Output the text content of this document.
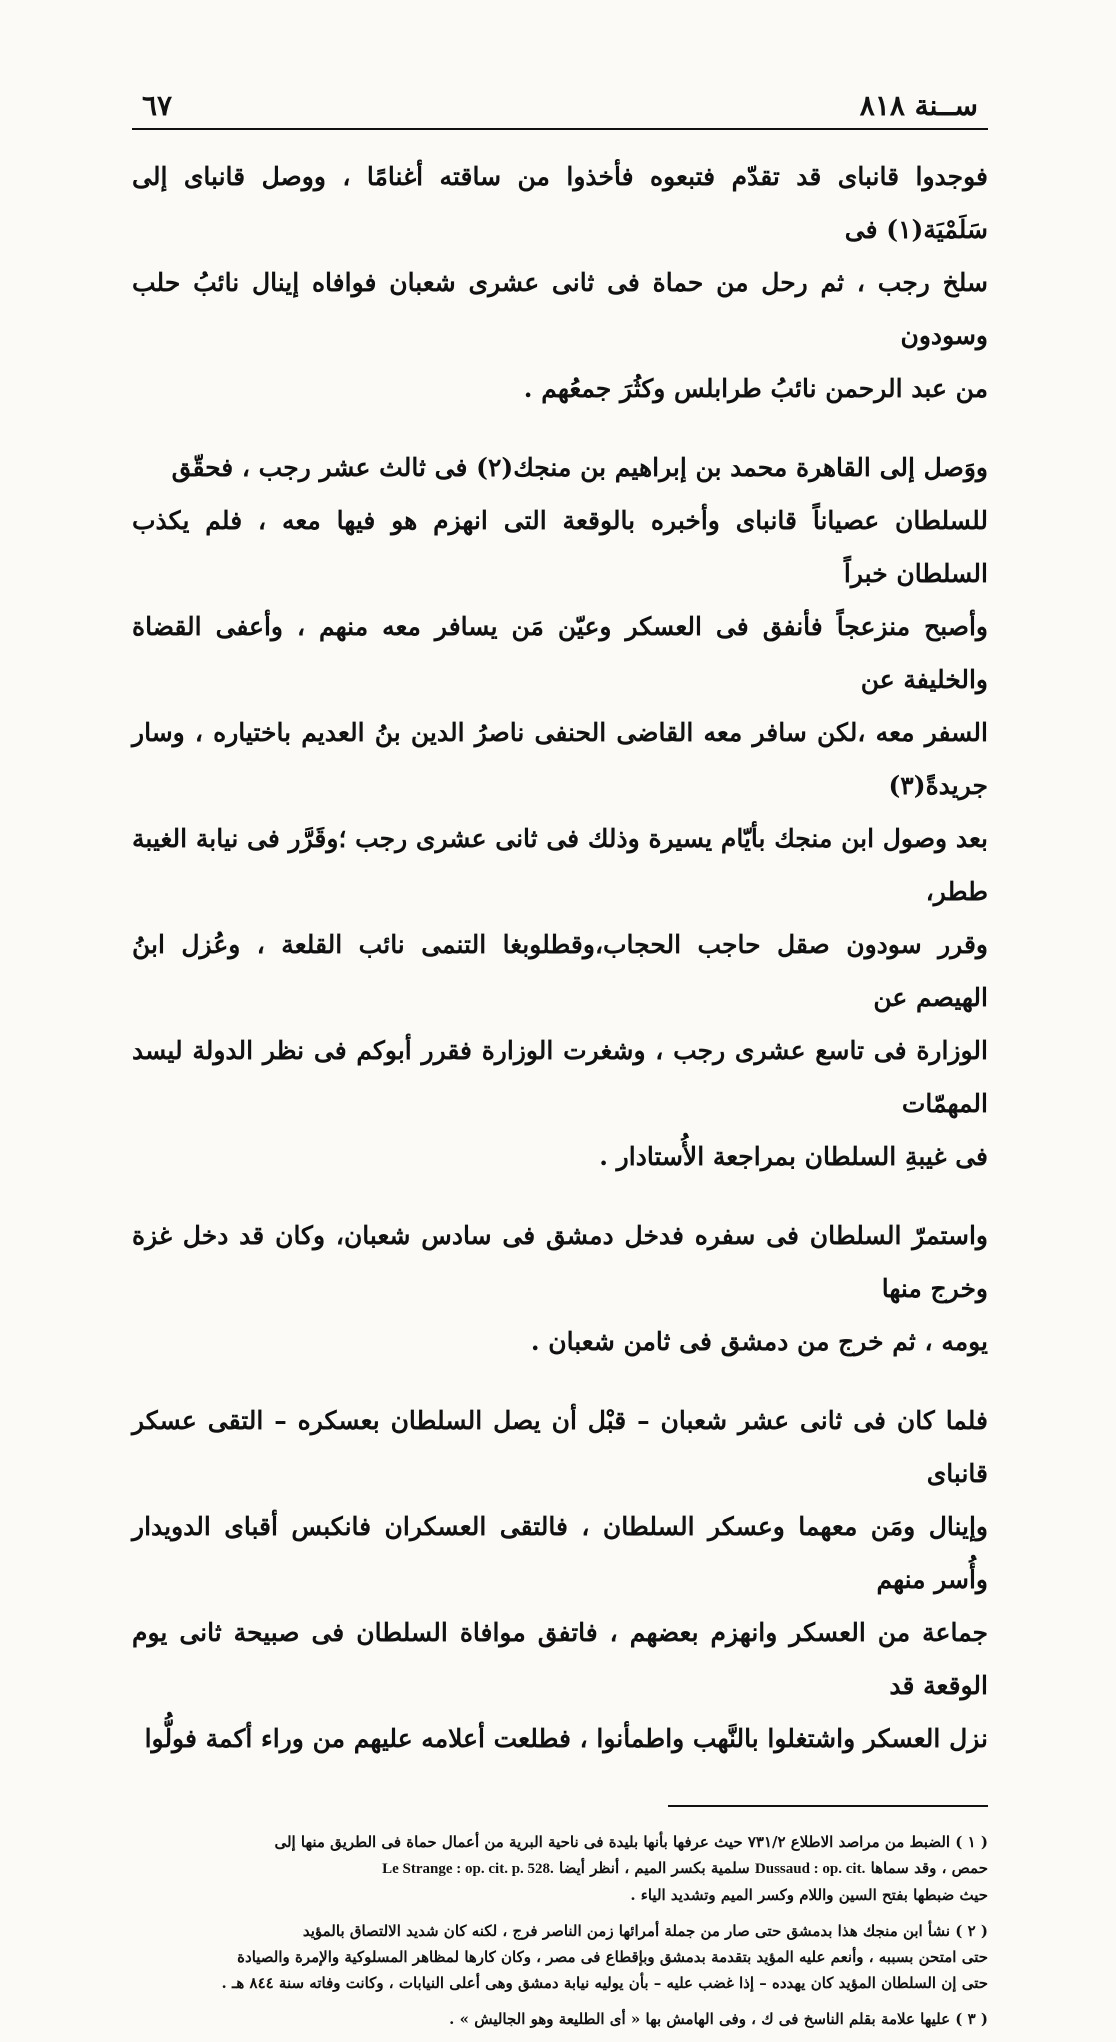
ســنة ٨١٨
٦٧

فوجدوا قانباى قد تقدّم فتبعوه فأخذوا من ساقته أغنامًا ، ووصل قانباى إلى سَلَمْيَة(١) فى

سلخ رجب ، ثم رحل من حماة فى ثانى عشرى شعبان فوافاه إينال نائبُ حلب وسودون

من عبد الرحمن نائبُ طرابلس وكثُرَ جمعُهم .

ووَصل إلى القاهرة محمد بن إبراهيم بن منجك(٢) فى ثالث عشر رجب ، فحقّق

للسلطان عصياناً قانباى وأخبره بالوقعة التى انهزم هو فيها معه ، فلم يكذب السلطان خبراً

وأصبح منزعجاً فأنفق فى العسكر وعيّن مَن يسافر معه منهم ، وأعفى القضاة والخليفة عن

السفر معه ،لكن سافر معه القاضى الحنفى ناصرُ الدين بنُ العديم باختياره ، وسار جريدةً(٣)

بعد وصول ابن منجك بأيّام يسيرة وذلك فى ثانى عشرى رجب ؛وقَرَّر فى نيابة الغيبة ططر،

وقرر سودون صقل حاجب الحجاب،وقطلوبغا التنمى نائب القلعة ، وعُزل ابنُ الهيصم عن

الوزارة فى تاسع عشرى رجب ، وشغرت الوزارة فقرر أبوكم فى نظر الدولة ليسد المهمّات

فى غيبةِ السلطان بمراجعة الأُستادار .

واستمرّ السلطان فى سفره فدخل دمشق فى سادس شعبان، وكان قد دخل غزة وخرج منها

يومه ، ثم خرج من دمشق فى ثامن شعبان .

فلما كان فى ثانى عشر شعبان – قبْل أن يصل السلطان بعسكره – التقى عسكر قانباى

وإينال ومَن معهما وعسكر السلطان ، فالتقى العسكران فانكبس أقباى الدويدار وأُسر منهم

جماعة من العسكر وانهزم بعضهم ، فاتفق موافاة السلطان فى صبيحة ثانى يوم الوقعة قد

نزل العسكر واشتغلوا بالنَّهب واطمأنوا ، فطلعت أعلامه عليهم من وراء أكمة فولُّوا

( ١ ) الضبط من مراصد الاطلاع ٧٣١/٢ حيث عرفها بأنها بليدة فى ناحية البرية من أعمال حماة فى الطريق منها إلى
حمص ، وقد سماها Dussaud : op. cit. سلمية بكسر الميم ، أنظر أيضا Le Strange : op. cit. p. 528.
حيث ضبطها بفتح السين واللام وكسر الميم وتشديد الياء .
( ٢ ) نشأ ابن منجك هذا بدمشق حتى صار من جملة أمرائها زمن الناصر فرج ، لكنه كان شديد الالتصاق بالمؤيد
حتى امتحن بسببه ، وأنعم عليه المؤيد بتقدمة بدمشق وبإقطاع فى مصر ، وكان كارها لمظاهر المسلوكية والإمرة والصيادة
حتى إن السلطان المؤيد كان يهدده – إذا غضب عليه – بأن يوليه نيابة دمشق وهى أعلى النيابات ، وكانت وفاته سنة ٨٤٤ هـ .
( ٣ ) عليها علامة بقلم الناسخ فى ك ، وفى الهامش بها « أى الطليعة وهو الجاليش » .
